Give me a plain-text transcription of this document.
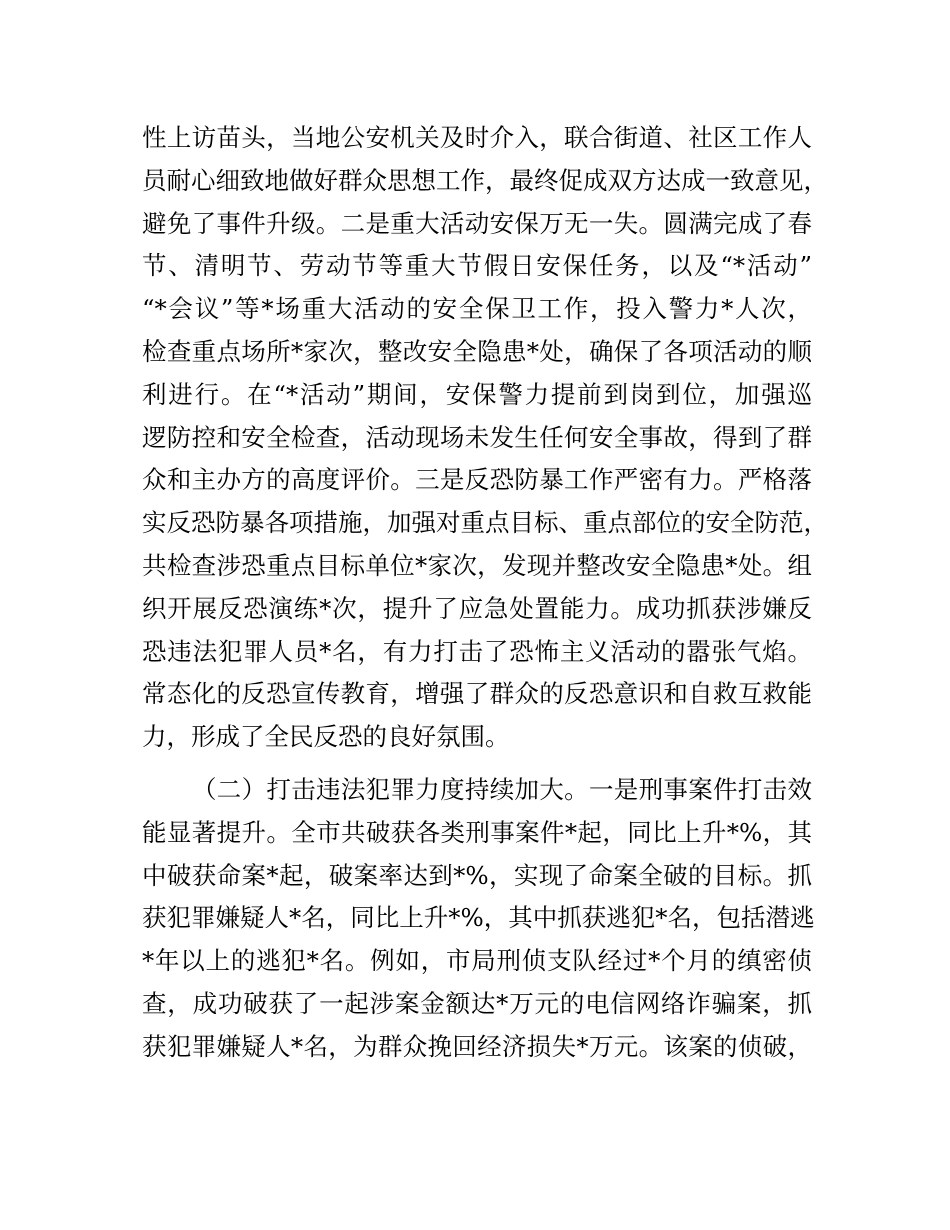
性上访苗头，当地公安机关及时介入，联合街道、社区工作人
员耐心细致地做好群众思想工作，最终促成双方达成一致意见，
避免了事件升级。二是重大活动安保万无一失。圆满完成了春
节、清明节、劳动节等重大节假日安保任务，以及“*活动”
“*会议”等*场重大活动的安全保卫工作，投入警力*人次，
检查重点场所*家次，整改安全隐患*处，确保了各项活动的顺
利进行。在“*活动”期间，安保警力提前到岗到位，加强巡
逻防控和安全检查，活动现场未发生任何安全事故，得到了群
众和主办方的高度评价。三是反恐防暴工作严密有力。严格落
实反恐防暴各项措施，加强对重点目标、重点部位的安全防范，
共检查涉恐重点目标单位*家次，发现并整改安全隐患*处。组
织开展反恐演练*次，提升了应急处置能力。成功抓获涉嫌反
恐违法犯罪人员*名，有力打击了恐怖主义活动的嚣张气焰。
常态化的反恐宣传教育，增强了群众的反恐意识和自救互救能
力，形成了全民反恐的良好氛围。
（二）打击违法犯罪力度持续加大。一是刑事案件打击效
能显著提升。全市共破获各类刑事案件*起，同比上升*%，其
中破获命案*起，破案率达到*%，实现了命案全破的目标。抓
获犯罪嫌疑人*名，同比上升*%，其中抓获逃犯*名，包括潜逃
*年以上的逃犯*名。例如，市局刑侦支队经过*个月的缜密侦
查，成功破获了一起涉案金额达*万元的电信网络诈骗案，抓
获犯罪嫌疑人*名，为群众挽回经济损失*万元。该案的侦破，
